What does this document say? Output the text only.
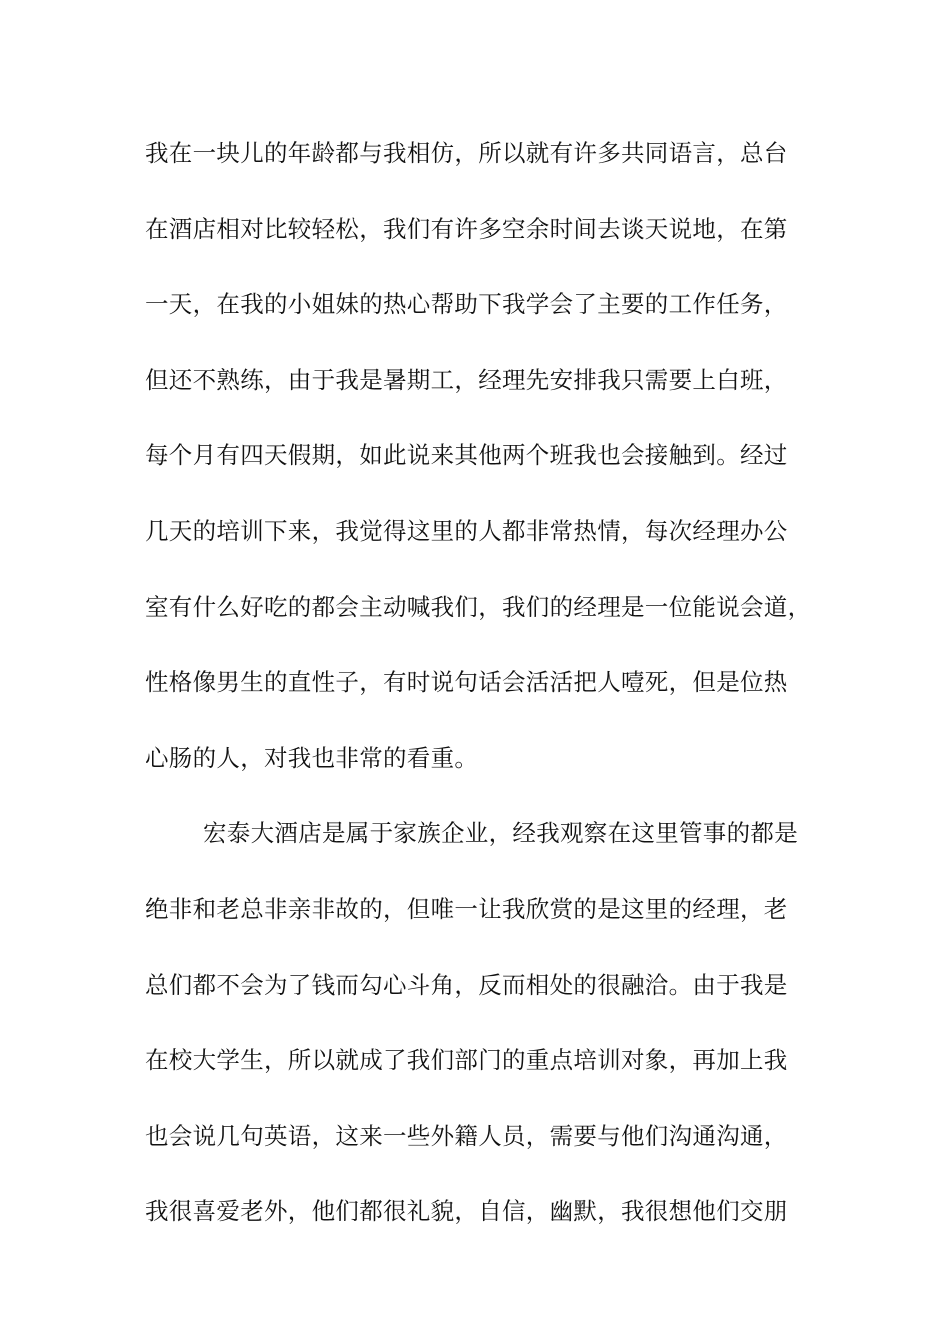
我在一块儿的年龄都与我相仿，所以就有许多共同语言，总台
在酒店相对比较轻松，我们有许多空余时间去谈天说地，在第
一天，在我的小姐妹的热心帮助下我学会了主要的工作任务，
但还不熟练，由于我是暑期工，经理先安排我只需要上白班，
每个月有四天假期，如此说来其他两个班我也会接触到。经过
几天的培训下来，我觉得这里的人都非常热情，每次经理办公
室有什么好吃的都会主动喊我们，我们的经理是一位能说会道，
性格像男生的直性子，有时说句话会活活把人噎死，但是位热
心肠的人，对我也非常的看重。
宏泰大酒店是属于家族企业，经我观察在这里管事的都是
绝非和老总非亲非故的，但唯一让我欣赏的是这里的经理，老
总们都不会为了钱而勾心斗角，反而相处的很融洽。由于我是
在校大学生，所以就成了我们部门的重点培训对象，再加上我
也会说几句英语，这来一些外籍人员，需要与他们沟通沟通，
我很喜爱老外，他们都很礼貌，自信，幽默，我很想他们交朋
